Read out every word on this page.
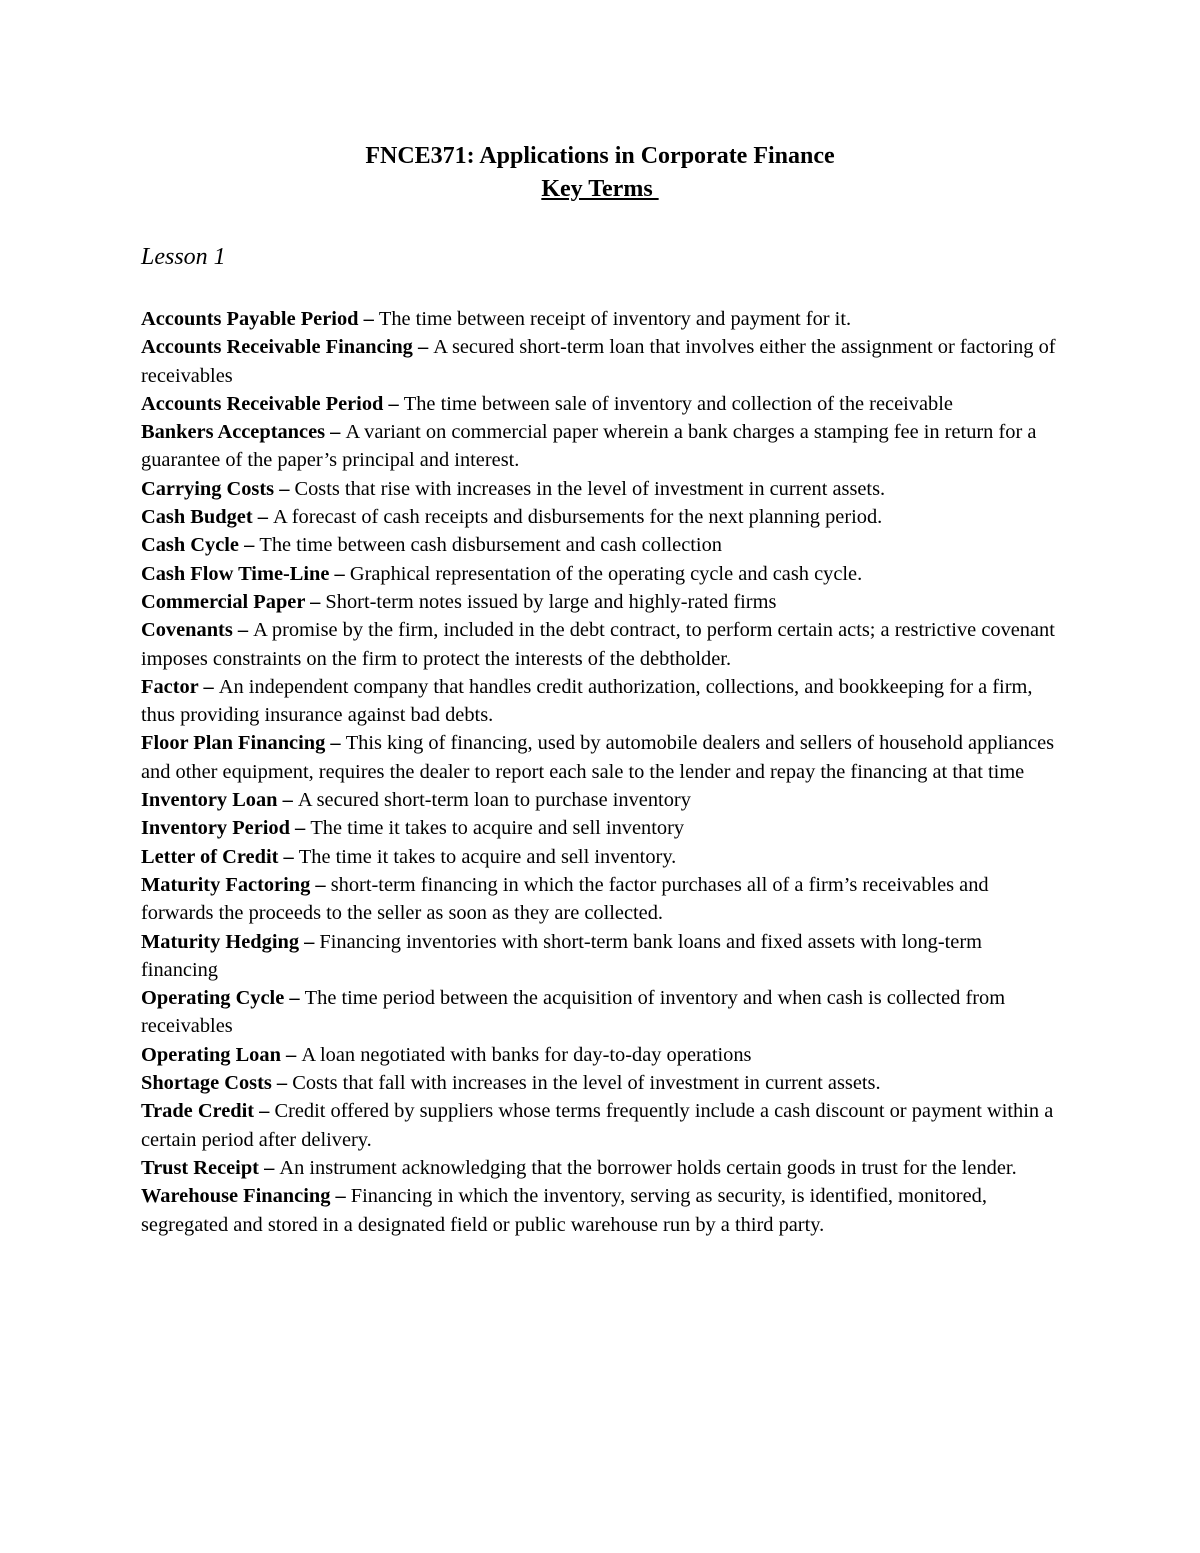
FNCE371: Applications in Corporate Finance

Key Terms

Lesson 1

Accounts Payable Period – The time between receipt of inventory and payment for it.

Accounts Receivable Financing – A secured short-term loan that involves either the assignment or factoring of receivables

Accounts Receivable Period – The time between sale of inventory and collection of the receivable

Bankers Acceptances – A variant on commercial paper wherein a bank charges a stamping fee in return for a guarantee of the paper’s principal and interest.

Carrying Costs – Costs that rise with increases in the level of investment in current assets.

Cash Budget – A forecast of cash receipts and disbursements for the next planning period.

Cash Cycle – The time between cash disbursement and cash collection

Cash Flow Time-Line – Graphical representation of the operating cycle and cash cycle.

Commercial Paper – Short-term notes issued by large and highly-rated firms

Covenants – A promise by the firm, included in the debt contract, to perform certain acts; a restrictive covenant imposes constraints on the firm to protect the interests of the debtholder.

Factor – An independent company that handles credit authorization, collections, and bookkeeping for a firm, thus providing insurance against bad debts.

Floor Plan Financing – This king of financing, used by automobile dealers and sellers of household appliances and other equipment, requires the dealer to report each sale to the lender and repay the financing at that time

Inventory Loan – A secured short-term loan to purchase inventory

Inventory Period – The time it takes to acquire and sell inventory

Letter of Credit – The time it takes to acquire and sell inventory.

Maturity Factoring – short-term financing in which the factor purchases all of a firm’s receivables and forwards the proceeds to the seller as soon as they are collected.

Maturity Hedging – Financing inventories with short-term bank loans and fixed assets with long-term financing

Operating Cycle – The time period between the acquisition of inventory and when cash is collected from receivables

Operating Loan – A loan negotiated with banks for day-to-day operations

Shortage Costs – Costs that fall with increases in the level of investment in current assets.

Trade Credit – Credit offered by suppliers whose terms frequently include a cash discount or payment within a certain period after delivery.

Trust Receipt – An instrument acknowledging that the borrower holds certain goods in trust for the lender.

Warehouse Financing – Financing in which the inventory, serving as security, is identified, monitored, segregated and stored in a designated field or public warehouse run by a third party.
